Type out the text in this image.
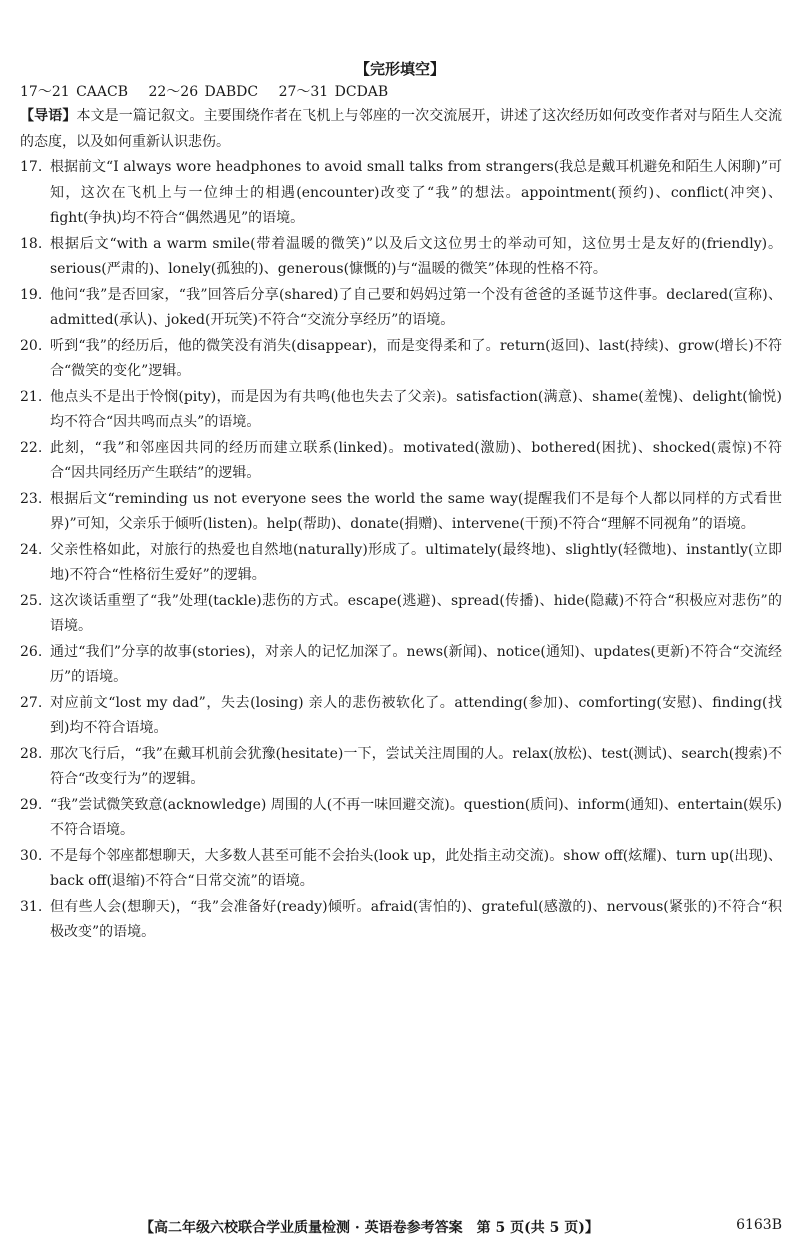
【完形填空】
17～21 CAACB 22～26 DABDC 27～31 DCDAB
【导语】本文是一篇记叙文。主要围绕作者在飞机上与邻座的一次交流展开，讲述了这次经历如何改变作者对与陌生人交流的态度，以及如何重新认识悲伤。
17. 根据前文“I always wore headphones to avoid small talks from strangers(我总是戴耳机避免和陌生人闲聊)”可知，这次在飞机上与一位绅士的相遇(encounter)改变了“我”的想法。appointment(预约)、conflict(冲突)、fight(争执)均不符合“偶然遇见”的语境。
18. 根据后文“with a warm smile(带着温暖的微笑)”以及后文这位男士的举动可知，这位男士是友好的(friendly)。serious(严肃的)、lonely(孤独的)、generous(慷慨的)与“温暖的微笑”体现的性格不符。
19. 他问“我”是否回家，“我”回答后分享(shared)了自己要和妈妈过第一个没有爸爸的圣诞节这件事。declared(宣称)、admitted(承认)、joked(开玩笑)不符合“交流分享经历”的语境。
20. 听到“我”的经历后，他的微笑没有消失(disappear)，而是变得柔和了。return(返回)、last(持续)、grow(增长)不符合“微笑的变化”逻辑。
21. 他点头不是出于怜悯(pity)，而是因为有共鸣(他也失去了父亲)。satisfaction(满意)、shame(羞愧)、delight(愉悦)均不符合“因共鸣而点头”的语境。
22. 此刻，“我”和邻座因共同的经历而建立联系(linked)。motivated(激励)、bothered(困扰)、shocked(震惊)不符合“因共同经历产生联结”的逻辑。
23. 根据后文“reminding us not everyone sees the world the same way(提醒我们不是每个人都以同样的方式看世界)”可知，父亲乐于倾听(listen)。help(帮助)、donate(捐赠)、intervene(干预)不符合“理解不同视角”的语境。
24. 父亲性格如此，对旅行的热爱也自然地(naturally)形成了。ultimately(最终地)、slightly(轻微地)、instantly(立即地)不符合“性格衍生爱好”的逻辑。
25. 这次谈话重塑了“我”处理(tackle)悲伤的方式。escape(逃避)、spread(传播)、hide(隐藏)不符合“积极应对悲伤”的语境。
26. 通过“我们”分享的故事(stories)，对亲人的记忆加深了。news(新闻)、notice(通知)、updates(更新)不符合“交流经历”的语境。
27. 对应前文“lost my dad”，失去(losing) 亲人的悲伤被软化了。attending(参加)、comforting(安慰)、finding(找到)均不符合语境。
28. 那次飞行后，“我”在戴耳机前会犹豫(hesitate)一下，尝试关注周围的人。relax(放松)、test(测试)、search(搜索)不符合“改变行为”的逻辑。
29. “我”尝试微笑致意(acknowledge) 周围的人(不再一味回避交流)。question(质问)、inform(通知)、entertain(娱乐)不符合语境。
30. 不是每个邻座都想聊天，大多数人甚至可能不会抬头(look up，此处指主动交流)。show off(炫耀)、turn up(出现)、back off(退缩)不符合“日常交流”的语境。
31. 但有些人会(想聊天)，“我”会准备好(ready)倾听。afraid(害怕的)、grateful(感激的)、nervous(紧张的)不符合“积极改变”的语境。
【高二年级六校联合学业质量检测 · 英语卷参考答案　第 5 页(共 5 页)】	6163B
